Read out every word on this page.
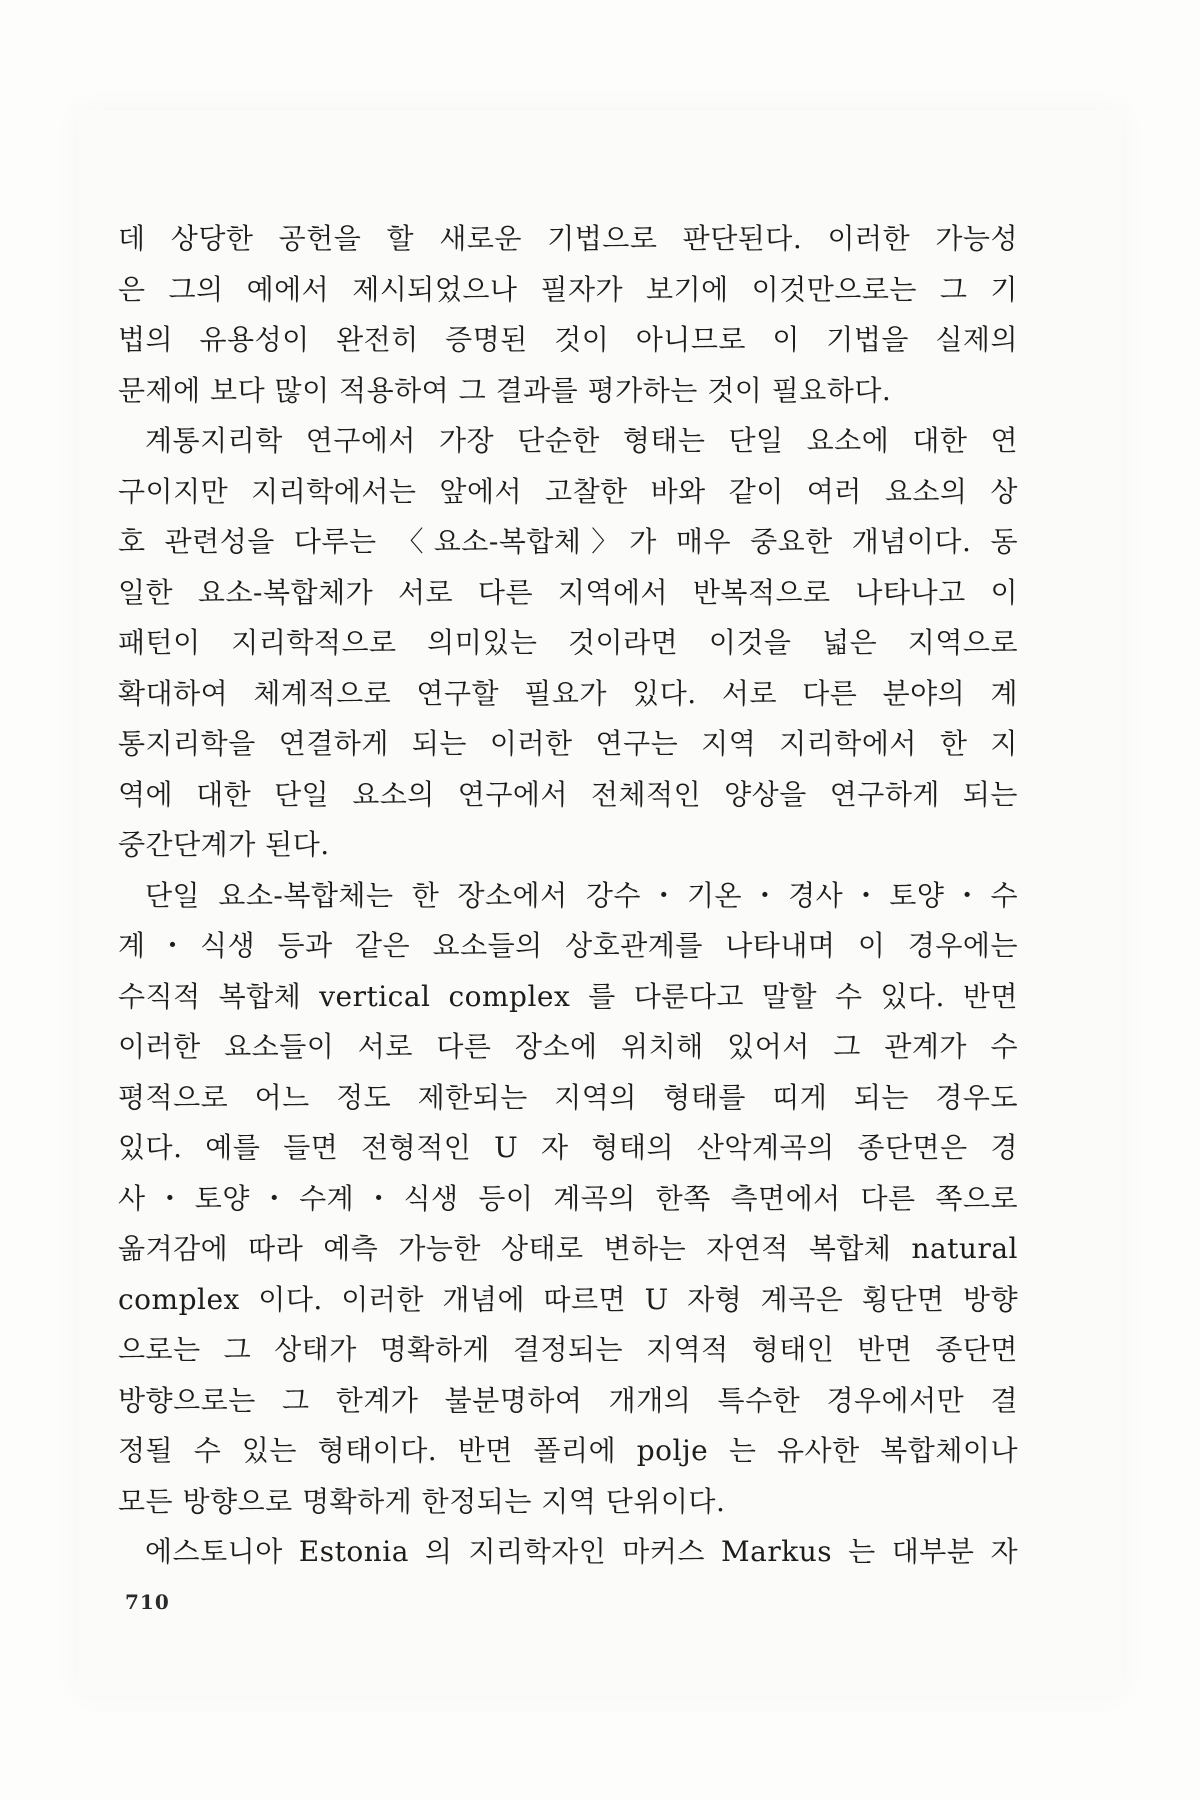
데 상당한 공헌을 할 새로운 기법으로 판단된다. 이러한 가능성
은 그의 예에서 제시되었으나 필자가 보기에 이것만으로는 그 기
법의 유용성이 완전히 증명된 것이 아니므로 이 기법을 실제의
문제에 보다 많이 적용하여 그 결과를 평가하는 것이 필요하다.
계통지리학 연구에서 가장 단순한 형태는 단일 요소에 대한 연
구이지만 지리학에서는 앞에서 고찰한 바와 같이 여러 요소의 상
호 관련성을 다루는 〈요소-복합체〉가 매우 중요한 개념이다. 동
일한 요소-복합체가 서로 다른 지역에서 반복적으로 나타나고 이
패턴이 지리학적으로 의미있는 것이라면 이것을 넓은 지역으로
확대하여 체계적으로 연구할 필요가 있다. 서로 다른 분야의 계
통지리학을 연결하게 되는 이러한 연구는 지역 지리학에서 한 지
역에 대한 단일 요소의 연구에서 전체적인 양상을 연구하게 되는
중간단계가 된다.
단일 요소-복합체는 한 장소에서 강수・기온・경사・토양・수
계・식생 등과 같은 요소들의 상호관계를 나타내며 이 경우에는
수직적 복합체 vertical complex 를 다룬다고 말할 수 있다. 반면
이러한 요소들이 서로 다른 장소에 위치해 있어서 그 관계가 수
평적으로 어느 정도 제한되는 지역의 형태를 띠게 되는 경우도
있다. 예를 들면 전형적인 U 자 형태의 산악계곡의 종단면은 경
사・토양・수계・식생 등이 계곡의 한쪽 측면에서 다른 쪽으로
옮겨감에 따라 예측 가능한 상태로 변하는 자연적 복합체 natural
complex 이다. 이러한 개념에 따르면 U 자형 계곡은 횡단면 방향
으로는 그 상태가 명확하게 결정되는 지역적 형태인 반면 종단면
방향으로는 그 한계가 불분명하여 개개의 특수한 경우에서만 결
정될 수 있는 형태이다. 반면 폴리에 polje 는 유사한 복합체이나
모든 방향으로 명확하게 한정되는 지역 단위이다.
에스토니아 Estonia 의 지리학자인 마커스 Markus 는 대부분 자
710
